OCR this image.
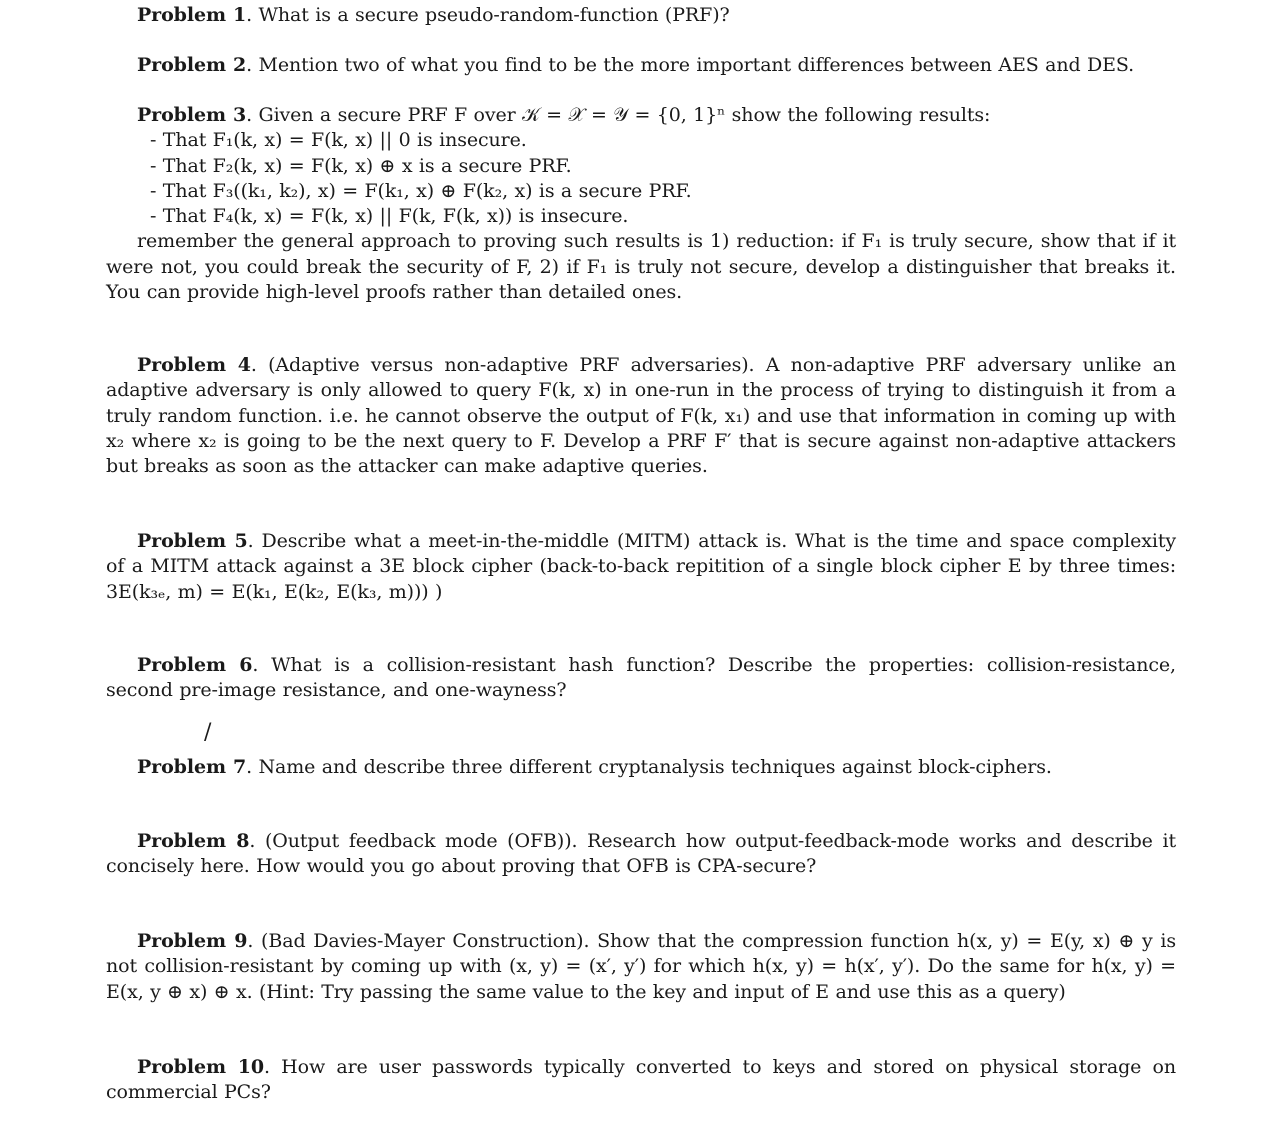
Problem 1. What is a secure pseudo-random-function (PRF)?

Problem 2. Mention two of what you find to be the more important differences between AES and DES.

Problem 3. Given a secure PRF F over 𝒦 = 𝒳 = 𝒴 = {0, 1}ⁿ show the following results:

- That F₁(k, x) = F(k, x) || 0 is insecure.

- That F₂(k, x) = F(k, x) ⊕ x is a secure PRF.

- That F₃((k₁, k₂), x) = F(k₁, x) ⊕ F(k₂, x) is a secure PRF.

- That F₄(k, x) = F(k, x) || F(k, F(k, x)) is insecure.

remember the general approach to proving such results is 1) reduction: if F₁ is truly secure, show that if it were not, you could break the security of F, 2) if F₁ is truly not secure, develop a distinguisher that breaks it. You can provide high-level proofs rather than detailed ones.

Problem 4. (Adaptive versus non-adaptive PRF adversaries). A non-adaptive PRF adversary unlike an adaptive adversary is only allowed to query F(k, x) in one-run in the process of trying to distinguish it from a truly random function. i.e. he cannot observe the output of F(k, x₁) and use that information in coming up with x₂ where x₂ is going to be the next query to F. Develop a PRF F′ that is secure against non-adaptive attackers but breaks as soon as the attacker can make adaptive queries.

Problem 5. Describe what a meet-in-the-middle (MITM) attack is. What is the time and space complexity of a MITM attack against a 3E block cipher (back-to-back repitition of a single block cipher E by three times: 3E(k₃ₑ, m) = E(k₁, E(k₂, E(k₃, m))) )

Problem 6. What is a collision-resistant hash function? Describe the properties: collision-resistance, second pre-image resistance, and one-wayness?

/

Problem 7. Name and describe three different cryptanalysis techniques against block-ciphers.

Problem 8. (Output feedback mode (OFB)). Research how output-feedback-mode works and describe it concisely here. How would you go about proving that OFB is CPA-secure?

Problem 9. (Bad Davies-Mayer Construction). Show that the compression function h(x, y) = E(y, x) ⊕ y is not collision-resistant by coming up with (x, y) = (x′, y′) for which h(x, y) = h(x′, y′). Do the same for h(x, y) = E(x, y ⊕ x) ⊕ x. (Hint: Try passing the same value to the key and input of E and use this as a query)

Problem 10. How are user passwords typically converted to keys and stored on physical storage on commercial PCs?
